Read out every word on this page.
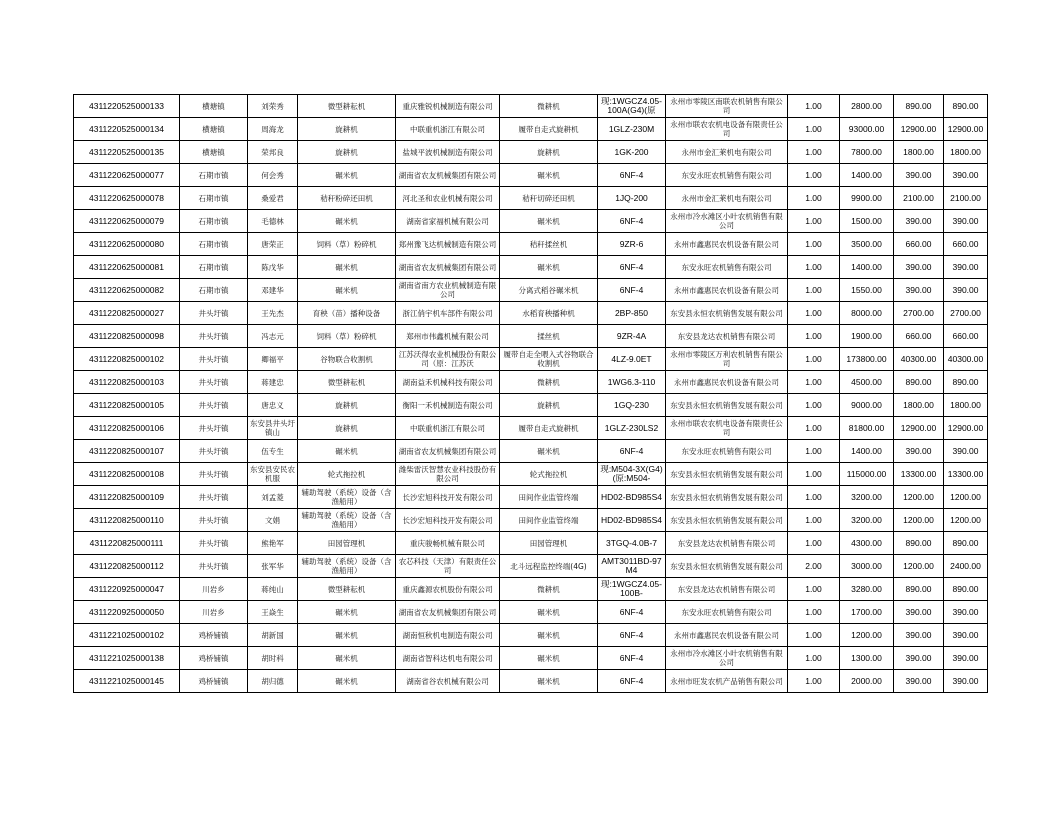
4311220525000133	横塘镇	刘荣秀	微型耕耘机	重庆雅锐机械制造有限公司	微耕机	现:1WGCZ4.05-100A(G4)(原	永州市零陵区南联农机销售有限公司	1.00	2800.00	890.00	890.00
4311220525000134	横塘镇	周海龙	旋耕机	中联重机浙江有限公司	履带自走式旋耕机	1GLZ-230M	永州市联农农机电设备有限责任公司	1.00	93000.00	12900.00	12900.00
4311220525000135	横塘镇	荣邦良	旋耕机	盐城平波机械制造有限公司	旋耕机	1GK-200	永州市金汇莱机电有限公司	1.00	7800.00	1800.00	1800.00
4311220625000077	石期市镇	何会秀	碾米机	湖南省农友机械集团有限公司	碾米机	6NF-4	东安永旺农机销售有限公司	1.00	1400.00	390.00	390.00
4311220625000078	石期市镇	桑爱君	秸秆粉碎还田机	河北圣和农业机械有限公司	秸秆切碎还田机	1JQ-200	永州市金汇莱机电有限公司	1.00	9900.00	2100.00	2100.00
4311220625000079	石期市镇	毛德林	碾米机	湖南省家福机械有限公司	碾米机	6NF-4	永州市冷水滩区小叶农机销售有限公司	1.00	1500.00	390.00	390.00
4311220625000080	石期市镇	唐荣正	饲料（草）粉碎机	郑州豫飞达机械制造有限公司	秸秆揉丝机	9ZR-6	永州市鑫惠民农机设备有限公司	1.00	3500.00	660.00	660.00
4311220625000081	石期市镇	陈戊华	碾米机	湖南省农友机械集团有限公司	碾米机	6NF-4	东安永旺农机销售有限公司	1.00	1400.00	390.00	390.00
4311220625000082	石期市镇	邓建华	碾米机	湖南省南方农业机械制造有限公司	分离式稻谷碾米机	6NF-4	永州市鑫惠民农机设备有限公司	1.00	1550.00	390.00	390.00
4311220825000027	井头圩镇	王先杰	育秧（苗）播种设备	浙江俏宇机车部件有限公司	水稻育秧播种机	2BP-850	东安县永恒农机销售发展有限公司	1.00	8000.00	2700.00	2700.00
4311220825000098	井头圩镇	冯志元	饲料（草）粉碎机	郑州市伟鑫机械有限公司	揉丝机	9ZR-4A	东安县龙达农机销售有限公司	1.00	1900.00	660.00	660.00
4311220825000102	井头圩镇	卿福平	谷物联合收割机	江苏沃得农业机械股份有限公司（原：江苏沃	履带自走全喂入式谷物联合收割机	4LZ-9.0ET	永州市零陵区万利农机销售有限公司	1.00	173800.00	40300.00	40300.00
4311220825000103	井头圩镇	蒋建忠	微型耕耘机	湖南益禾机械科技有限公司	微耕机	1WG6.3-110	永州市鑫惠民农机设备有限公司	1.00	4500.00	890.00	890.00
4311220825000105	井头圩镇	唐忠义	旋耕机	衡阳一禾机械制造有限公司	旋耕机	1GQ-230	东安县永恒农机销售发展有限公司	1.00	9000.00	1800.00	1800.00
4311220825000106	井头圩镇	东安县井头圩镇山	旋耕机	中联重机浙江有限公司	履带自走式旋耕机	1GLZ-230LS2	永州市联农农机电设备有限责任公司	1.00	81800.00	12900.00	12900.00
4311220825000107	井头圩镇	伍专生	碾米机	湖南省农友机械集团有限公司	碾米机	6NF-4	东安永旺农机销售有限公司	1.00	1400.00	390.00	390.00
4311220825000108	井头圩镇	东安县安民农机服	轮式拖拉机	潍柴雷沃智慧农业科技股份有限公司	轮式拖拉机	现:M504-3X(G4)(原:M504-	东安县永恒农机销售发展有限公司	1.00	115000.00	13300.00	13300.00
4311220825000109	井头圩镇	刘孟菱	辅助驾驶（系统）设备（含渔船用）	长沙宏旭科技开发有限公司	田间作业监管终端	HD02-BD985S4	东安县永恒农机销售发展有限公司	1.00	3200.00	1200.00	1200.00
4311220825000110	井头圩镇	文娟	辅助驾驶（系统）设备（含渔船用）	长沙宏旭科技开发有限公司	田间作业监管终端	HD02-BD985S4	东安县永恒农机销售发展有限公司	1.00	3200.00	1200.00	1200.00
4311220825000111	井头圩镇	熊艳军	田园管理机	重庆骏畅机械有限公司	田园管理机	3TGQ-4.0B-7	东安县龙达农机销售有限公司	1.00	4300.00	890.00	890.00
4311220825000112	井头圩镇	张军华	辅助驾驶（系统）设备（含渔船用）	农芯科技（天津）有限责任公司	北斗远程监控终端(4G)	AMT3011BD-97M4	东安县永恒农机销售发展有限公司	2.00	3000.00	1200.00	2400.00
4311220925000047	川岩乡	蒋纯山	微型耕耘机	重庆鑫源农机股份有限公司	微耕机	现:1WGCZ4.05-100B-	东安县龙达农机销售有限公司	1.00	3280.00	890.00	890.00
4311220925000050	川岩乡	王焱生	碾米机	湖南省农友机械集团有限公司	碾米机	6NF-4	东安永旺农机销售有限公司	1.00	1700.00	390.00	390.00
4311221025000102	鸡桥铺镇	胡新国	碾米机	湖南恒秋机电制造有限公司	碾米机	6NF-4	永州市鑫惠民农机设备有限公司	1.00	1200.00	390.00	390.00
4311221025000138	鸡桥铺镇	胡时科	碾米机	湖南省智科达机电有限公司	碾米机	6NF-4	永州市冷水滩区小叶农机销售有限公司	1.00	1300.00	390.00	390.00
4311221025000145	鸡桥铺镇	胡归德	碾米机	湖南省谷农机械有限公司	碾米机	6NF-4	永州市旺发农机产品销售有限公司	1.00	2000.00	390.00	390.00
